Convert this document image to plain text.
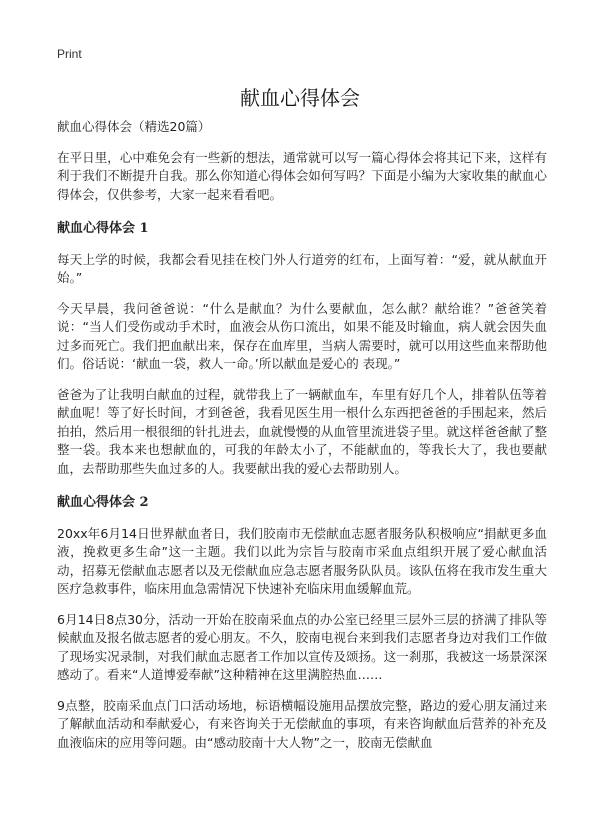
Print
献血心得体会

献血心得体会（精选20篇）

在平日里，心中难免会有一些新的想法，通常就可以写一篇心得体会将其记下来，这样有利于我们不断提升自我。那么你知道心得体会如何写吗？下面是小编为大家收集的献血心得体会，仅供参考，大家一起来看看吧。

献血心得体会 1

每天上学的时候，我都会看见挂在校门外人行道旁的红布，上面写着：“爱，就从献血开始。”

今天早晨，我问爸爸说：“什么是献血？为什么要献血，怎么献？献给谁？”爸爸笑着说：“当人们受伤或动手术时，血液会从伤口流出，如果不能及时输血，病人就会因失血过多而死亡。我们把血献出来，保存在血库里，当病人需要时，就可以用这些血来帮助他们。俗话说：‘献血一袋，救人一命。’所以献血是爱心的 表现。”

爸爸为了让我明白献血的过程，就带我上了一辆献血车，车里有好几个人，排着队伍等着献血呢！等了好长时间，才到爸爸，我看见医生用一根什么东西把爸爸的手围起来，然后拍拍，然后用一根很细的针扎进去，血就慢慢的从血管里流进袋子里。就这样爸爸献了整整一袋。我本来也想献血的，可我的年龄太小了，不能献血的，等我长大了，我也要献血，去帮助那些失血过多的人。我要献出我的爱心去帮助别人。

献血心得体会 2

20xx年6月14日世界献血者日，我们胶南市无偿献血志愿者服务队积极响应“捐献更多血液，挽救更多生命”这一主题。我们以此为宗旨与胶南市采血点组织开展了爱心献血活动，招募无偿献血志愿者以及无偿献血应急志愿者服务队队员。该队伍将在我市发生重大医疗急救事件，临床用血急需情况下快速补充临床用血缓解血荒。

6月14日8点30分，活动一开始在胶南采血点的办公室已经里三层外三层的挤满了排队等候献血及报名做志愿者的爱心朋友。不久，胶南电视台来到我们志愿者身边对我们工作做了现场实况录制，对我们献血志愿者工作加以宣传及颂扬。这一刹那，我被这一场景深深感动了。看来“人道博爱奉献”这种精神在这里满腔热血……

9点整，胶南采血点门口活动场地，标语横幅设施用品摆放完整，路边的爱心朋友涌过来了解献血活动和奉献爱心，有来咨询关于无偿献血的事项，有来咨询献血后营养的补充及血液临床的应用等问题。由“感动胶南十大人物”之一，胶南无偿献血
